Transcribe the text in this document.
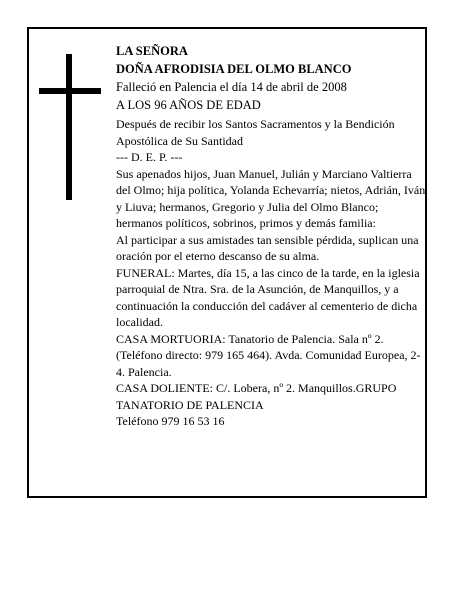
LA SEÑORA

DOÑA AFRODISIA DEL OLMO BLANCO

Falleció en Palencia el día 14 de abril de 2008

A LOS 96 AÑOS DE EDAD

Después de recibir los Santos Sacramentos y la Bendición Apostólica de Su Santidad

--- D. E. P. ---

Sus apenados hijos, Juan Manuel, Julián y Marciano Valtierra del Olmo; hija política, Yolanda Echevarría; nietos, Adrián, Iván y Liuva; hermanos, Gregorio y Julia del Olmo Blanco; hermanos políticos, sobrinos, primos y demás familia:

Al participar a sus amistades tan sensible pérdida, suplican una oración por el eterno descanso de su alma.

FUNERAL: Martes, día 15, a las cinco de la tarde, en la iglesia parroquial de Ntra. Sra. de la Asunción, de Manquillos, y a continuación la conducción del cadáver al cementerio de dicha localidad.

CASA MORTUORIA: Tanatorio de Palencia. Sala nº 2. (Teléfono directo: 979 165 464). Avda. Comunidad Europea, 2-4. Palencia.

CASA DOLIENTE: C/. Lobera, nº 2. Manquillos.GRUPO TANATORIO DE PALENCIA

Teléfono 979 16 53 16
